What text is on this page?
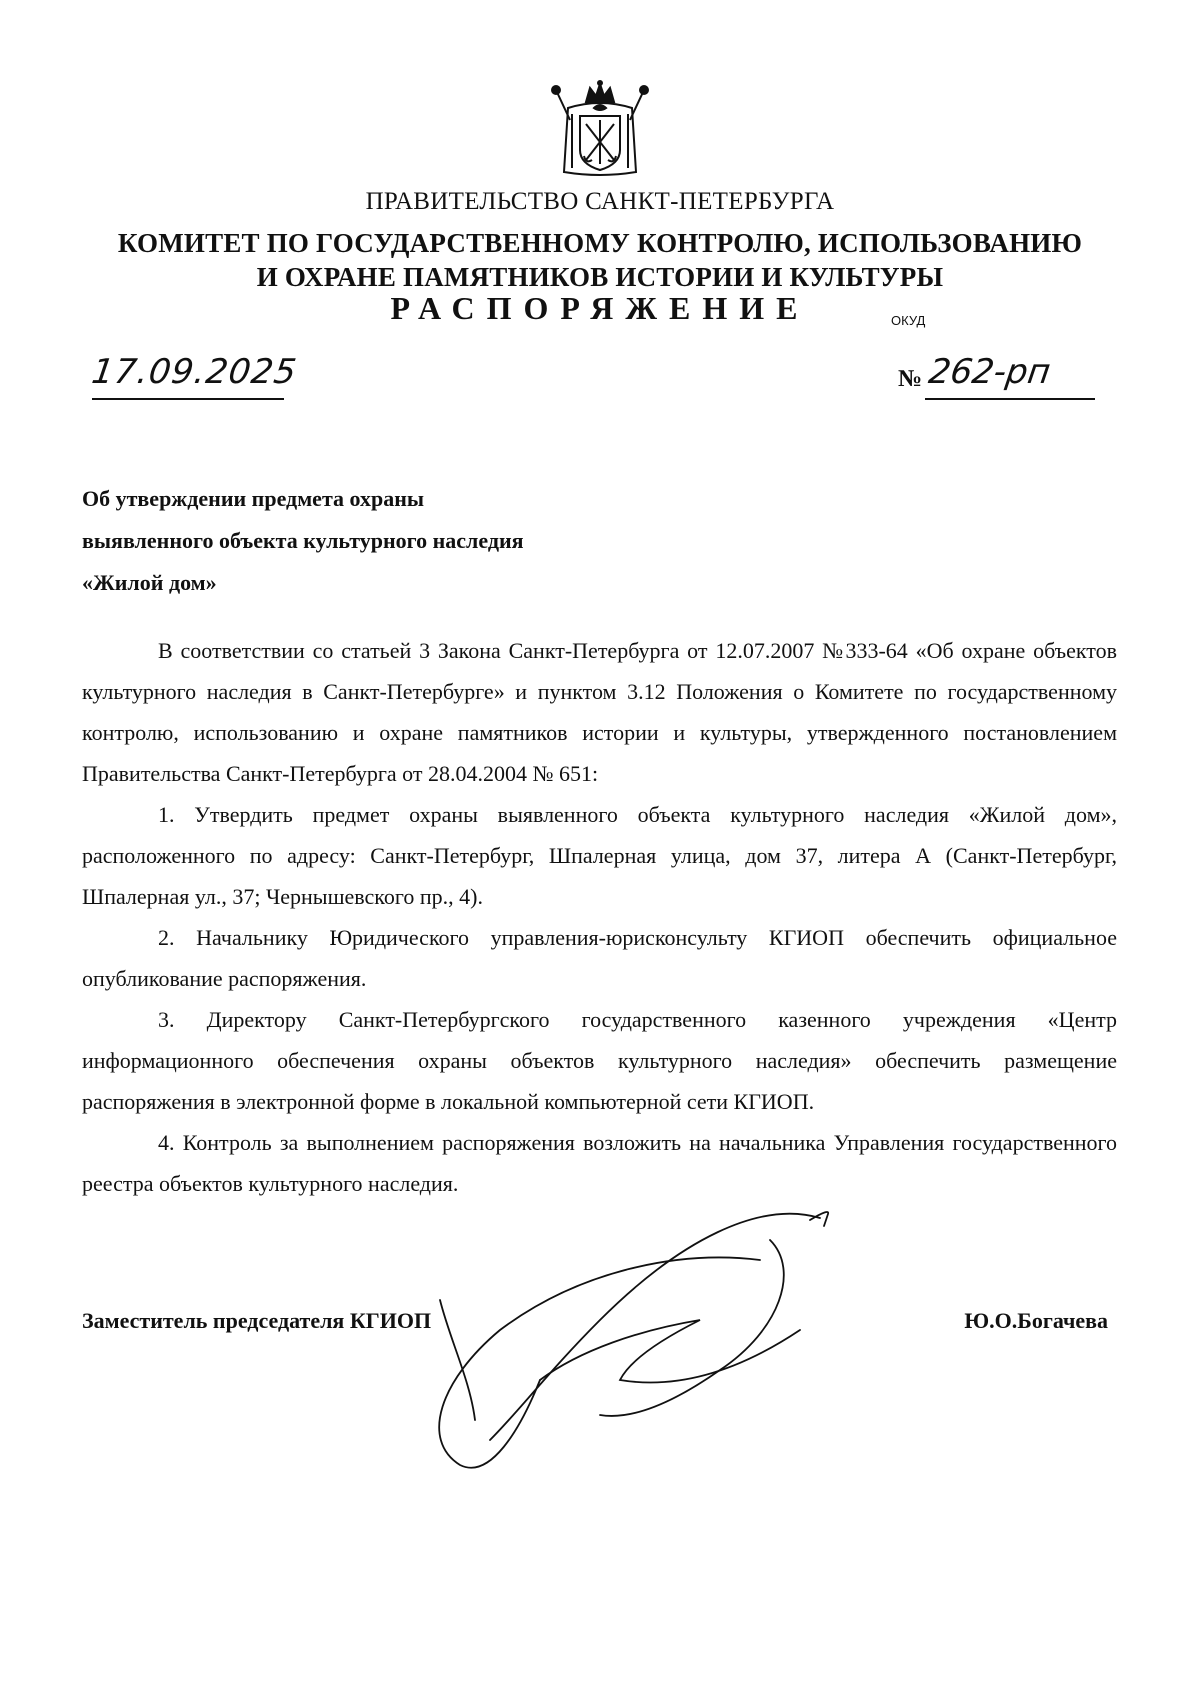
ПРАВИТЕЛЬСТВО САНКТ-ПЕТЕРБУРГА
КОМИТЕТ ПО ГОСУДАРСТВЕННОМУ КОНТРОЛЮ, ИСПОЛЬЗОВАНИЮ
И ОХРАНЕ ПАМЯТНИКОВ ИСТОРИИ И КУЛЬТУРЫ
РАСПОРЯЖЕНИЕ	ОКУД
17.09.2025	№ 262-рп
Об утверждении предмета охраны
выявленного объекта культурного наследия
«Жилой дом»

В соответствии со статьей 3 Закона Санкт-Петербурга от 12.07.2007 №333-64 «Об охране объектов культурного наследия в Санкт-Петербурге» и пунктом 3.12 Положения о Комитете по государственному контролю, использованию и охране памятников истории и культуры, утвержденного постановлением Правительства Санкт-Петербурга от 28.04.2004 № 651:

1. Утвердить предмет охраны выявленного объекта культурного наследия «Жилой дом», расположенного по адресу: Санкт-Петербург, Шпалерная улица, дом 37, литера А (Санкт-Петербург, Шпалерная ул., 37; Чернышевского пр., 4).

2. Начальнику Юридического управления-юрисконсульту КГИОП обеспечить официальное опубликование распоряжения.

3. Директору Санкт-Петербургского государственного казенного учреждения «Центр информационного обеспечения охраны объектов культурного наследия» обеспечить размещение распоряжения в электронной форме в локальной компьютерной сети КГИОП.

4. Контроль за выполнением распоряжения возложить на начальника Управления государственного реестра объектов культурного наследия.

Заместитель председателя КГИОП	Ю.О.Богачева
